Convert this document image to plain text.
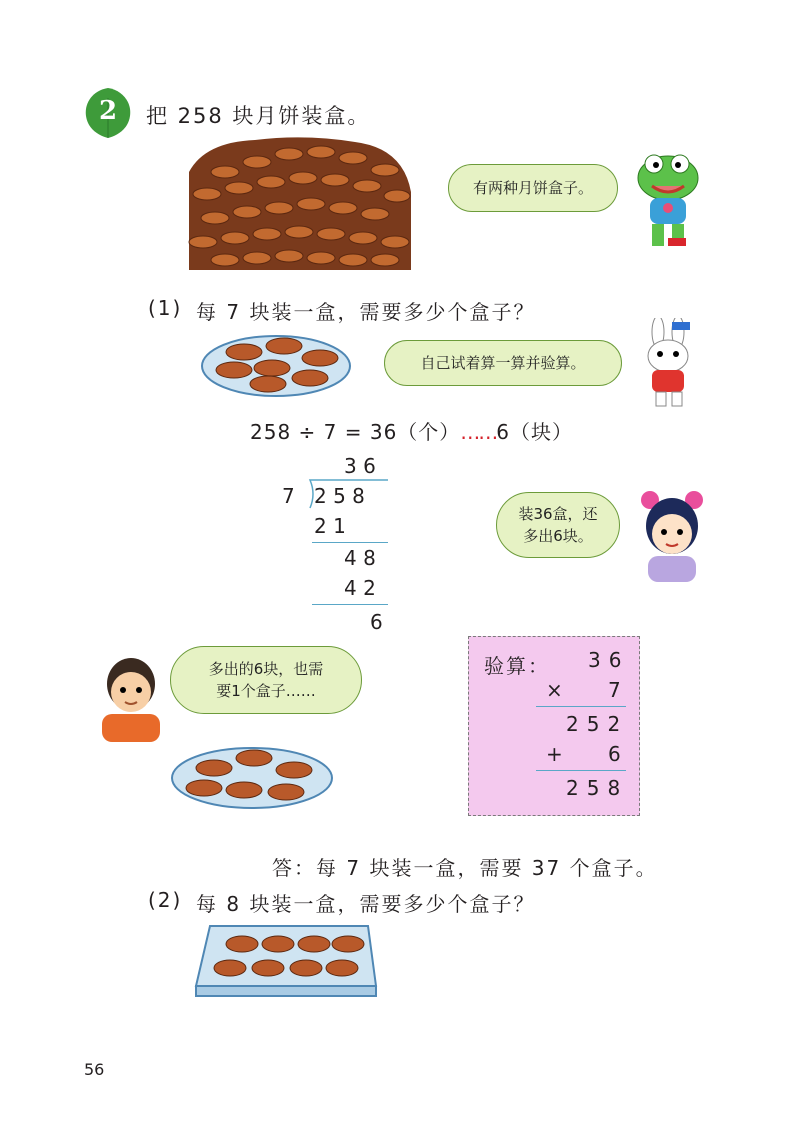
2 把 258 块月饼装盒。
有两种月饼盒子。
(1) 每 7 块装一盒，需要多少个盒子？
自己试着算一算并验算。
258 ÷ 7 = 36（个）……6（块）
3 6
7 2 5 8
2 1
4 8
4 2
6
装36盒，还
多出6块。
多出的6块，也需
要1个盒子……
验算： 36
× 7
252
+ 6
258
答：每 7 块装一盒，需要 37 个盒子。
(2) 每 8 块装一盒，需要多少个盒子？
56
